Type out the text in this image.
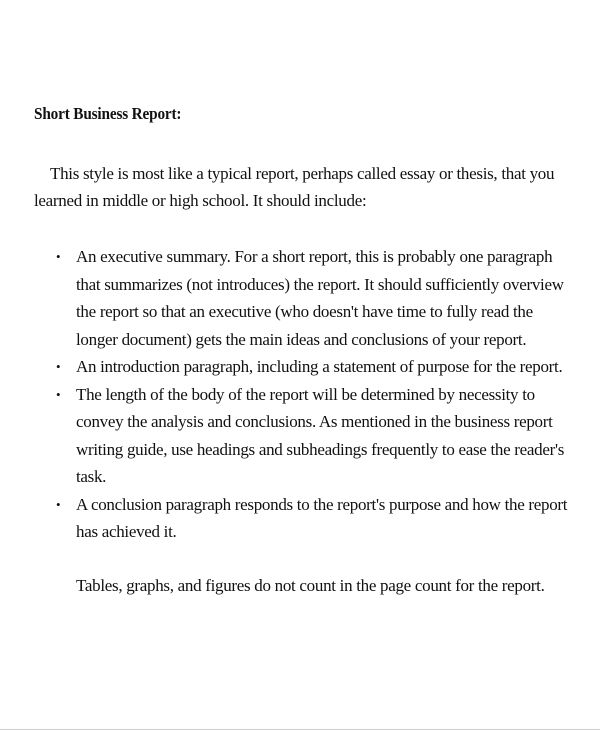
Short Business Report:
This style is most like a typical report, perhaps called essay or thesis, that you learned in middle or high school. It should include:
• An executive summary. For a short report, this is probably one paragraph that summarizes (not introduces) the report. It should sufficiently overview the report so that an executive (who doesn't have time to fully read the longer document) gets the main ideas and conclusions of your report.
• An introduction paragraph, including a statement of purpose for the report.
• The length of the body of the report will be determined by necessity to convey the analysis and conclusions. As mentioned in the business report writing guide, use headings and subheadings frequently to ease the reader's task.
• A conclusion paragraph responds to the report's purpose and how the report has achieved it.
Tables, graphs, and figures do not count in the page count for the report.
